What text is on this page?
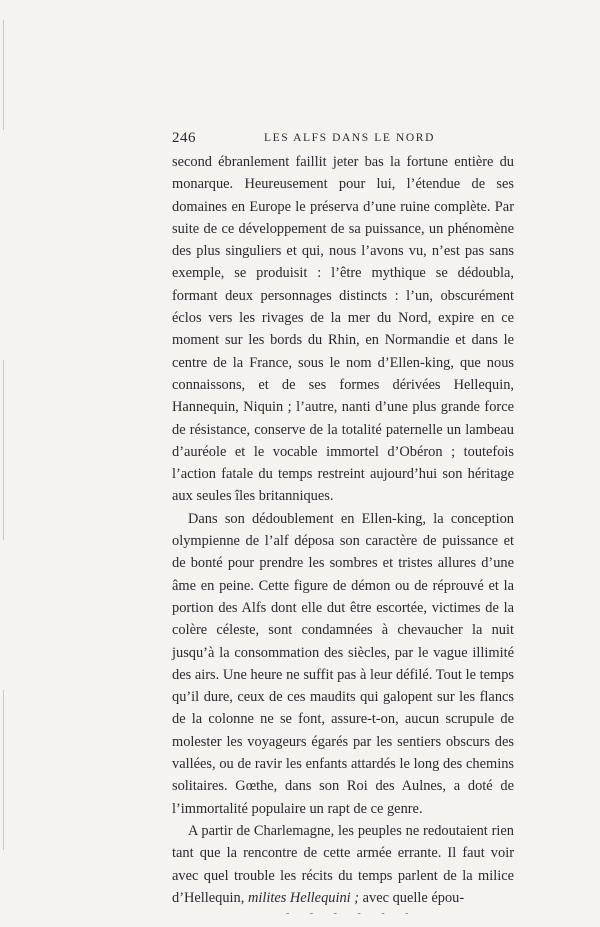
246	LES ALFS DANS LE NORD

second ébranlement faillit jeter bas la fortune entière du monarque. Heureusement pour lui, l’étendue de ses domaines en Europe le préserva d’une ruine complète. Par suite de ce développement de sa puissance, un phénomène des plus singuliers et qui, nous l’avons vu, n’est pas sans exemple, se produisit : l’être mythique se dédoubla, formant deux personnages distincts : l’un, obscurément éclos vers les rivages de la mer du Nord, expire en ce moment sur les bords du Rhin, en Normandie et dans le centre de la France, sous le nom d’Ellen-king, que nous connaissons, et de ses formes dérivées Hellequin, Hannequin, Niquin ; l’autre, nanti d’une plus grande force de résistance, conserve de la totalité paternelle un lambeau d’auréole et le vocable immortel d’Obéron ; toutefois l’action fatale du temps restreint aujourd’hui son héritage aux seules îles britanniques.

Dans son dédoublement en Ellen-king, la conception olympienne de l’alf déposa son caractère de puissance et de bonté pour prendre les sombres et tristes allures d’une âme en peine. Cette figure de démon ou de réprouvé et la portion des Alfs dont elle dut être escortée, victimes de la colère céleste, sont condamnées à chevaucher la nuit jusqu’à la consommation des siècles, par le vague illimité des airs. Une heure ne suffit pas à leur défilé. Tout le temps qu’il dure, ceux de ces maudits qui galopent sur les flancs de la colonne ne se font, assure-t-on, aucun scrupule de molester les voyageurs égarés par les sentiers obscurs des vallées, ou de ravir les enfants attardés le long des chemins solitaires. Gœthe, dans son Roi des Aulnes, a doté de l’immortalité populaire un rapt de ce genre.

A partir de Charlemagne, les peuples ne redoutaient rien tant que la rencontre de cette armée errante. Il faut voir avec quel trouble les récits du temps parlent de la milice d’Hellequin, milites Hellequini ; avec quelle épou-

- - - - - -
